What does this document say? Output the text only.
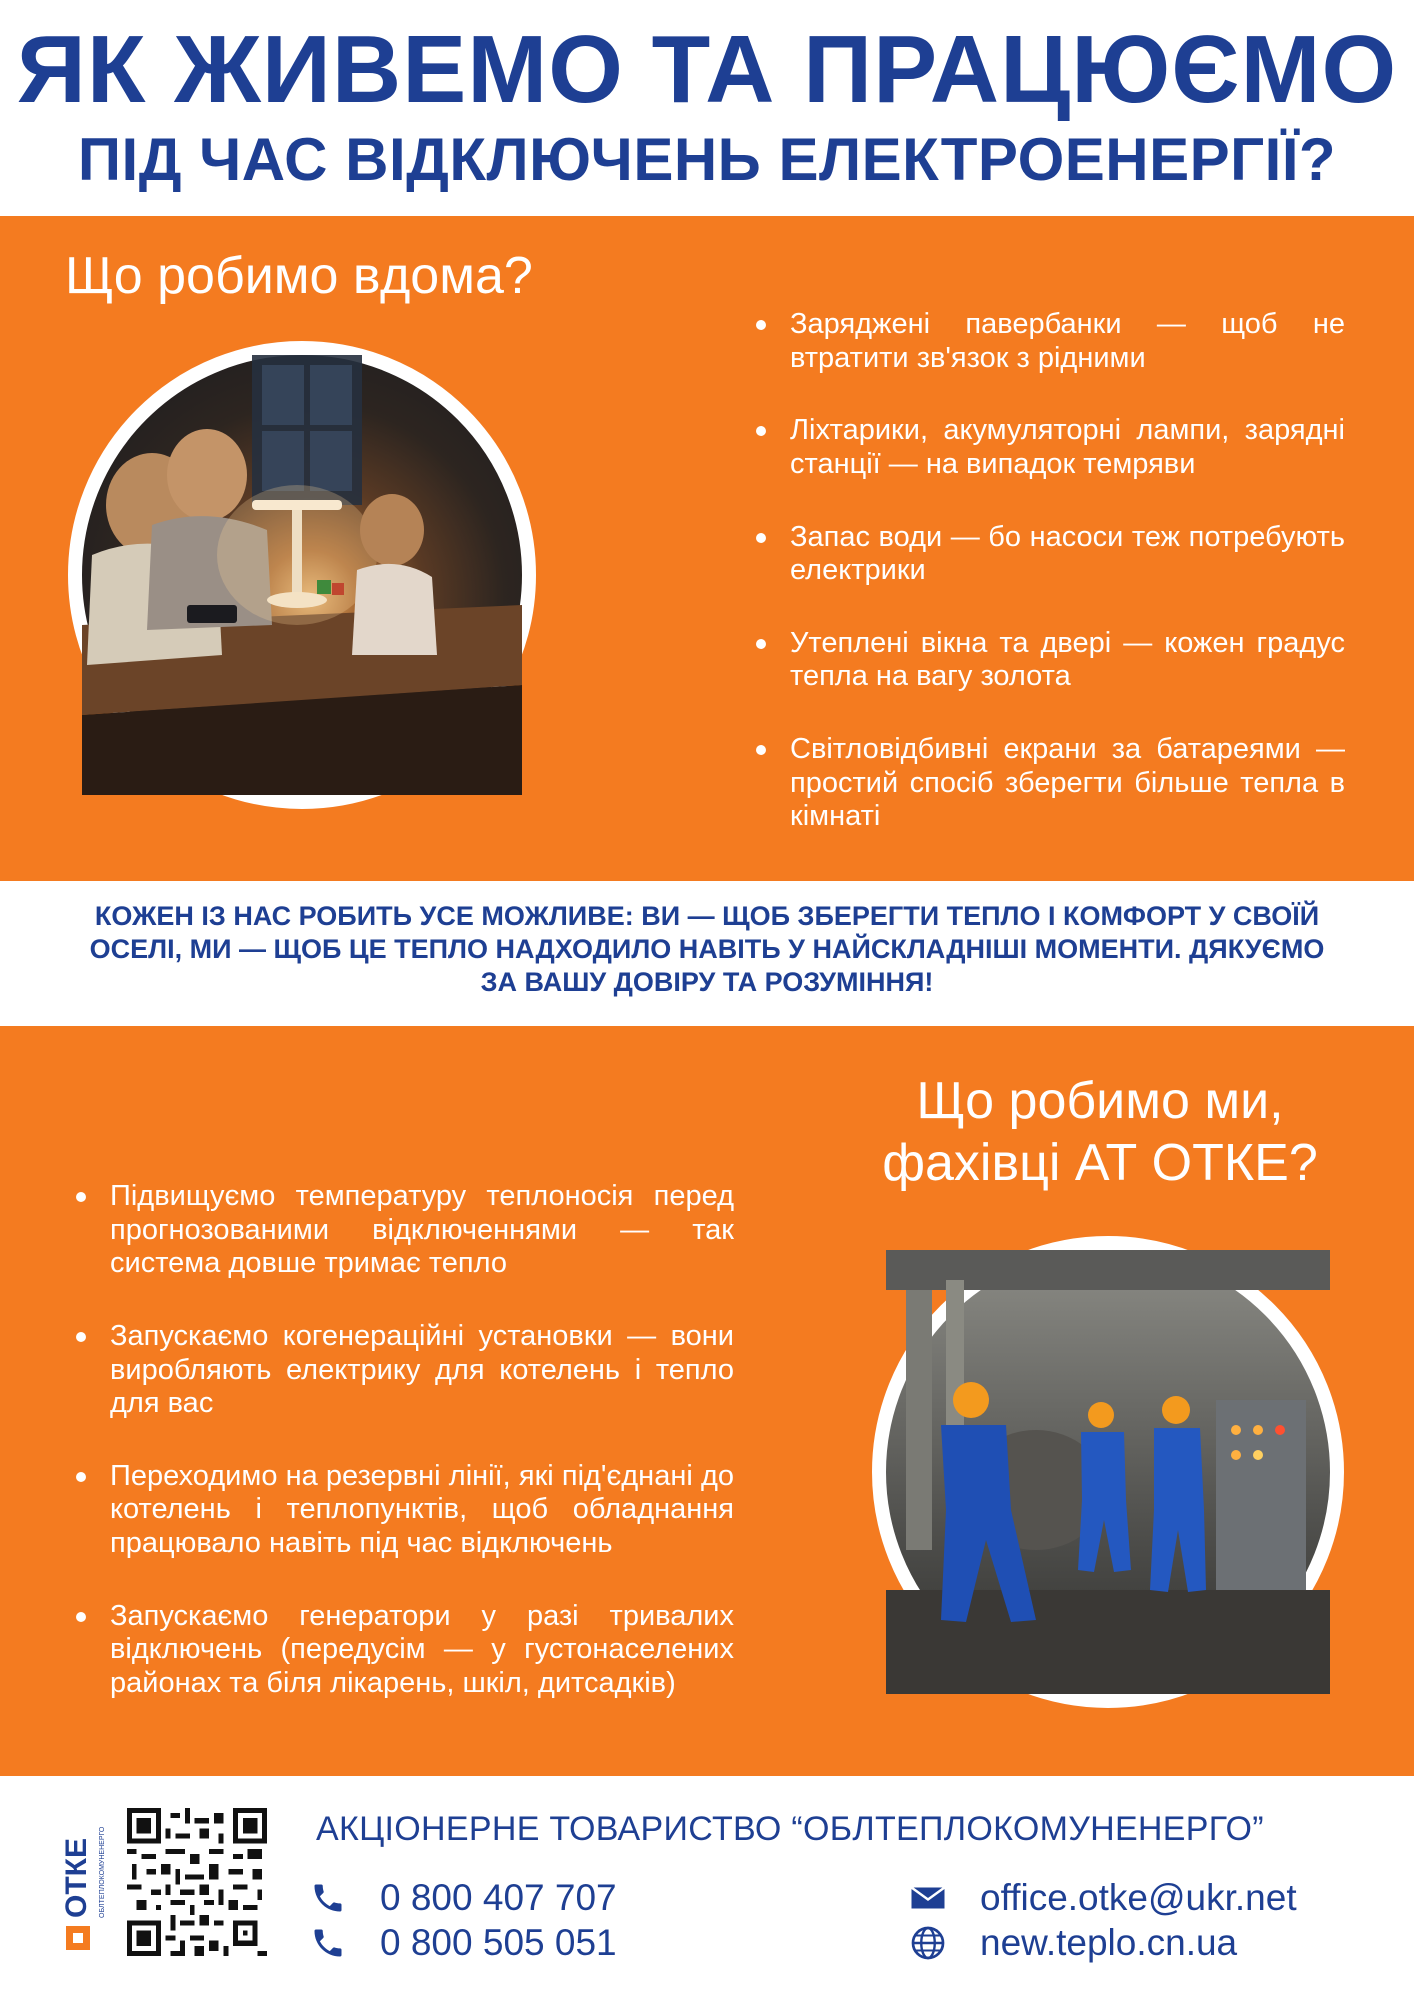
ЯК ЖИВЕМО ТА ПРАЦЮЄМО
ПІД ЧАС ВІДКЛЮЧЕНЬ ЕЛЕКТРОЕНЕРГІЇ?
Що робимо вдома?
Заряджені павербанки — щоб не втратити зв'язок з рідними
Ліхтарики, акумуляторні лампи, зарядні станції — на випадок темряви
Запас води — бо насоси теж потребують електрики
Утеплені вікна та двері — кожен градус тепла на вагу золота
Світловідбивні екрани за батареями — простий спосіб зберегти більше тепла в кімнаті

КОЖЕН ІЗ НАС РОБИТЬ УСЕ МОЖЛИВЕ: ВИ — ЩОБ ЗБЕРЕГТИ ТЕПЛО І КОМФОРТ У СВОЇЙ ОСЕЛІ, МИ — ЩОБ ЦЕ ТЕПЛО НАДХОДИЛО НАВІТЬ У НАЙСКЛАДНІШІ МОМЕНТИ. ДЯКУЄМО ЗА ВАШУ ДОВІРУ ТА РОЗУМІННЯ!

Що робимо ми, фахівці АТ ОТКЕ?
Підвищуємо температуру теплоносія перед прогнозованими відключеннями — так система довше тримає тепло
Запускаємо когенераційні установки — вони виробляють електрику для котелень і тепло для вас
Переходимо на резервні лінії, які під'єднані до котелень і теплопунктів, щоб обладнання працювало навіть під час відключень
Запускаємо генератори у разі тривалих відключень (передусім — у густонаселених районах та біля лікарень, шкіл, дитсадків)
ОТКЕ ОБЛТЕПЛОКОМУНЕНЕРГО	АКЦІОНЕРНЕ ТОВАРИСТВО “ОБЛТЕПЛОКОМУНЕНЕРГО”
0 800 407 707
0 800 505 051
office.otke@ukr.net
new.teplo.cn.ua
